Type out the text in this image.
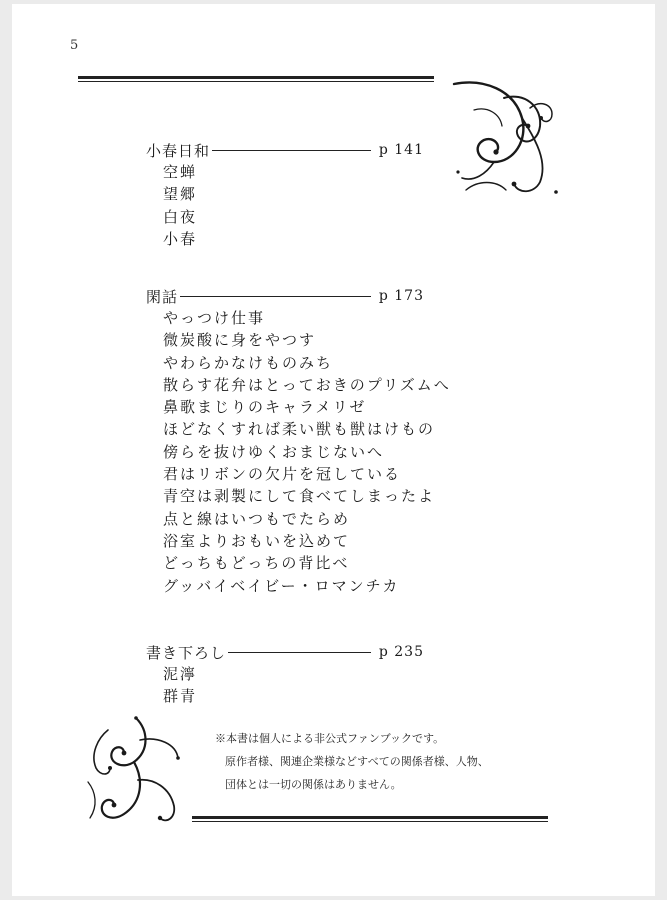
5
小春日和	p 141
空蝉
望郷
白夜
小春
閑話	p 173
やっつけ仕事
微炭酸に身をやつす
やわらかなけものみち
散らす花弁はとっておきのプリズムへ
鼻歌まじりのキャラメリゼ
ほどなくすれば柔い獣も獣はけもの
傍らを抜けゆくおまじないへ
君はリボンの欠片を冠している
青空は剥製にして食べてしまったよ
点と線はいつもでたらめ
浴室よりおもいを込めて
どっちもどっちの背比べ
グッバイベイビー・ロマンチカ
書き下ろし	p 235
泥濘
群青

※本書は個人による非公式ファンブックです。

原作者様、関連企業様などすべての関係者様、人物、

団体とは一切の関係はありません。
